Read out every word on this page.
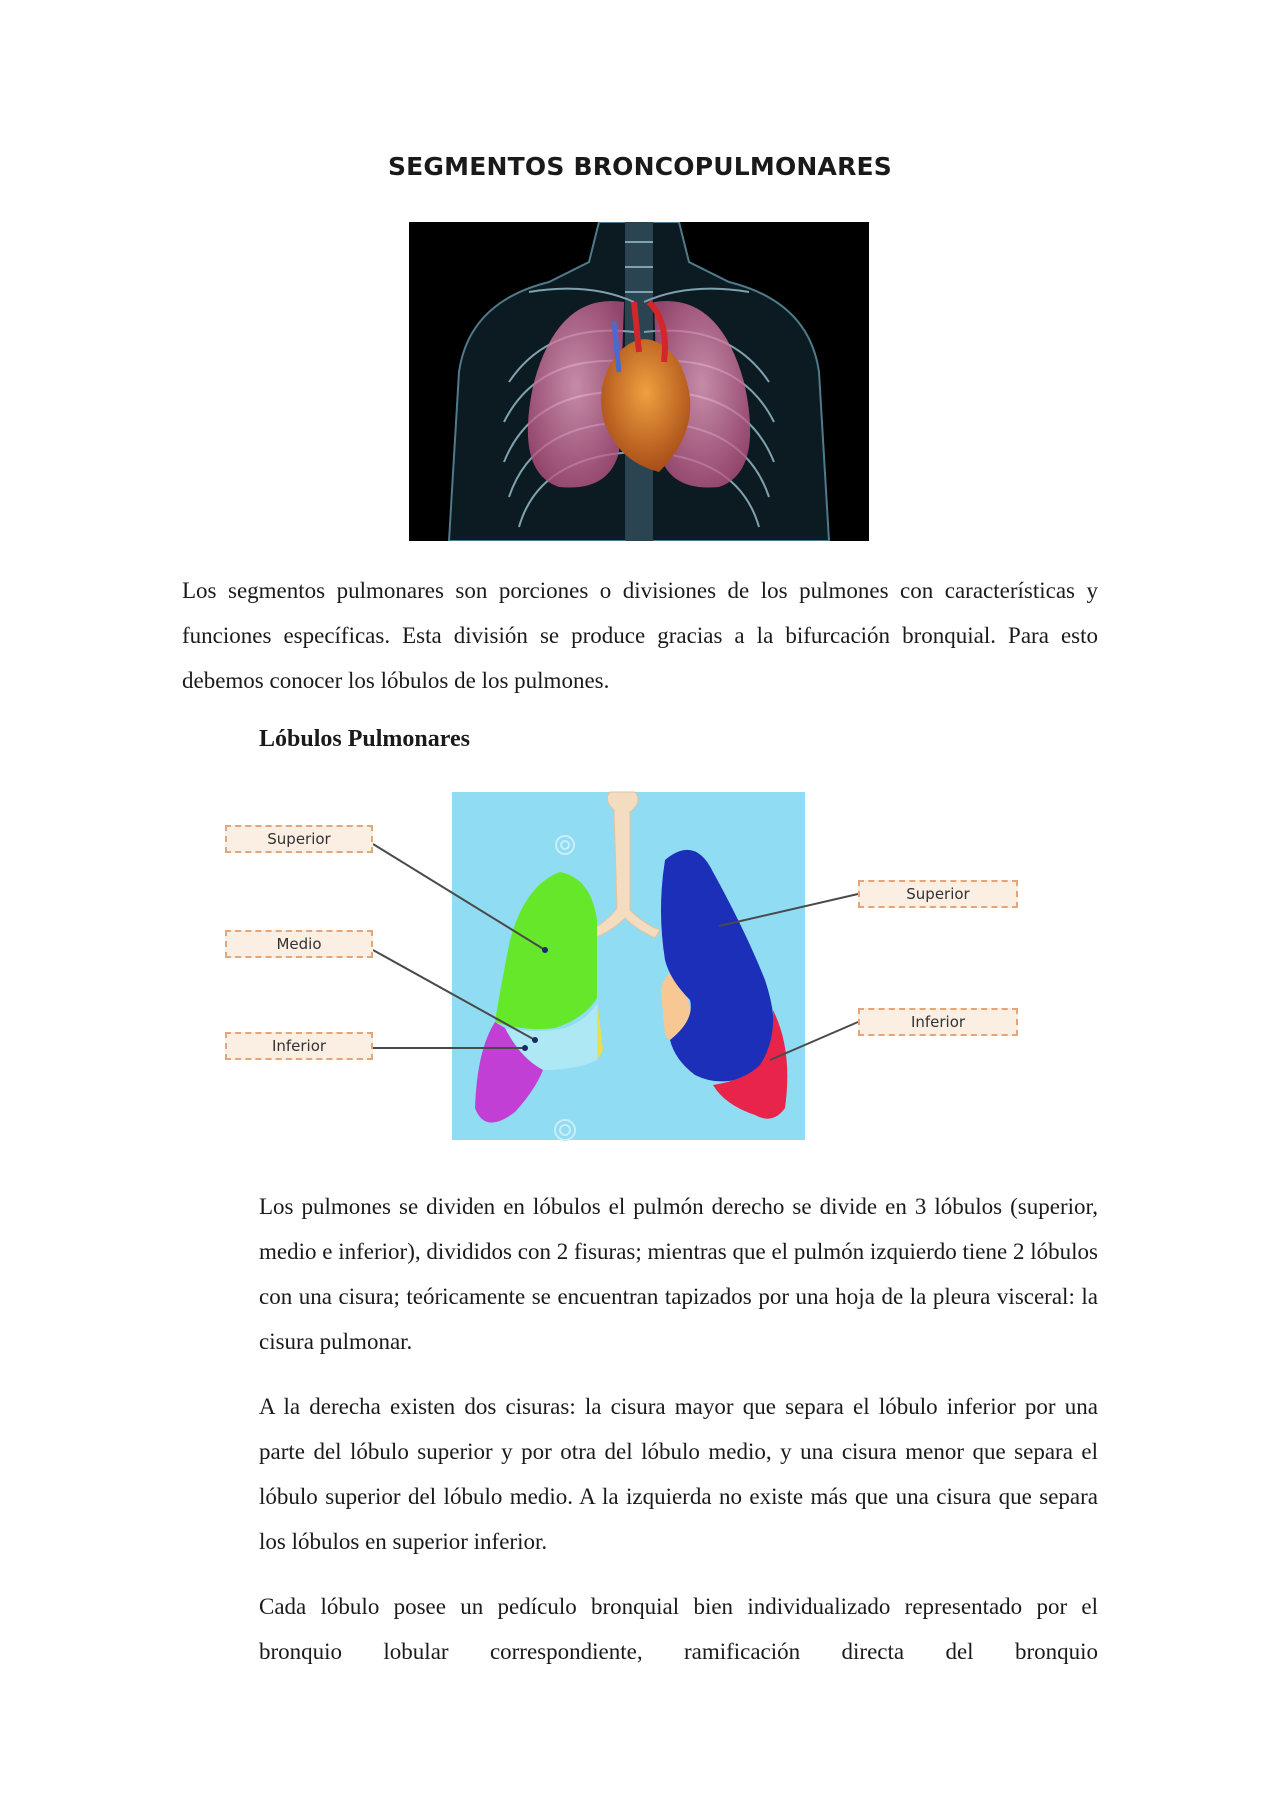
SEGMENTOS BRONCOPULMONARES

Los segmentos pulmonares son porciones o divisiones de los pulmones con características y funciones específicas. Esta división se produce gracias a la bifurcación bronquial. Para esto debemos conocer los lóbulos de los pulmones.

Lóbulos Pulmonares
Superior
Medio
Inferior
Superior
Inferior

Los pulmones se dividen en lóbulos el pulmón derecho se divide en 3 lóbulos (superior, medio e inferior), divididos con 2 fisuras; mientras que el pulmón izquierdo tiene 2 lóbulos con una cisura; teóricamente se encuentran tapizados por una hoja de la pleura visceral: la cisura pulmonar.

A la derecha existen dos cisuras: la cisura mayor que separa el lóbulo inferior por una parte del lóbulo superior y por otra del lóbulo medio, y una cisura menor que separa el lóbulo superior del lóbulo medio. A la izquierda no existe más que una cisura que separa los lóbulos en superior inferior.

Cada lóbulo posee un pedículo bronquial bien individualizado representado por el bronquio lobular correspondiente, ramificación directa del bronquio
